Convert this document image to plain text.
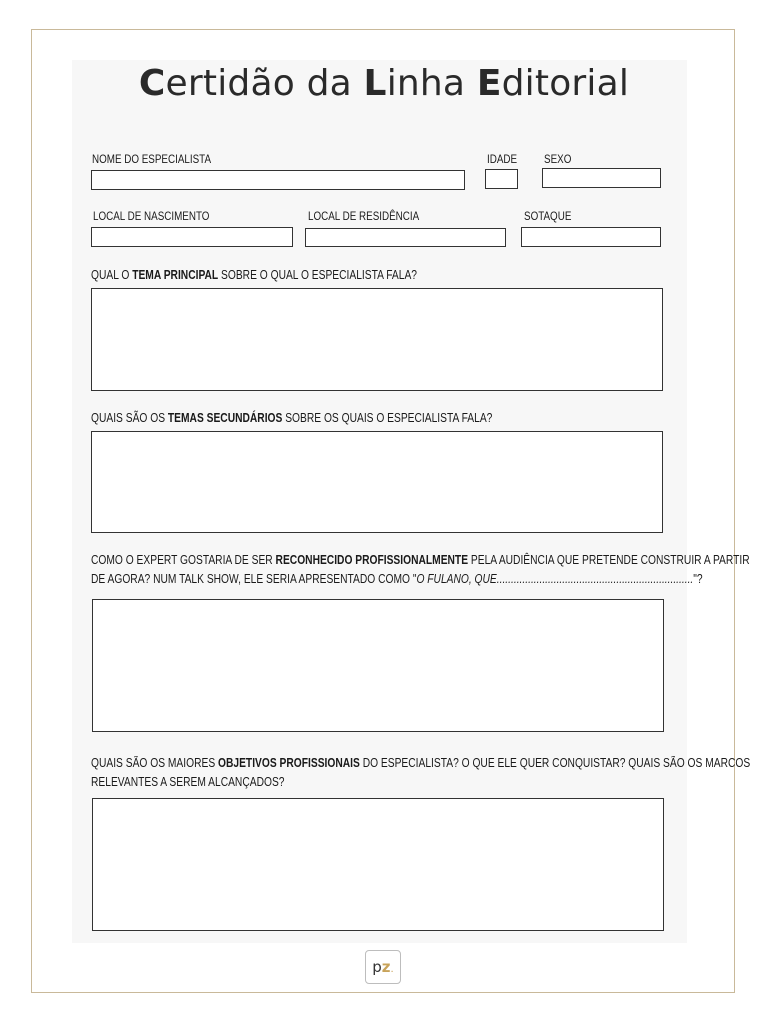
Certidão da Linha Editorial
NOME DO ESPECIALISTA	IDADE SEXO
LOCAL DE NASCIMENTO	LOCAL DE RESIDÊNCIA	SOTAQUE
QUAL O TEMA PRINCIPAL SOBRE O QUAL O ESPECIALISTA FALA?
QUAIS SÃO OS TEMAS SECUNDÁRIOS SOBRE OS QUAIS O ESPECIALISTA FALA?
COMO O EXPERT GOSTARIA DE SER RECONHECIDO PROFISSIONALMENTE PELA AUDIÊNCIA QUE PRETENDE CONSTRUIR A PARTIR
DE AGORA? NUM TALK SHOW, ELE SERIA APRESENTADO COMO "O FULANO, QUE....................................................................."?
QUAIS SÃO OS MAIORES OBJETIVOS PROFISSIONAIS DO ESPECIALISTA? O QUE ELE QUER CONQUISTAR? QUAIS SÃO OS MARCOS
RELEVANTES A SEREM ALCANÇADOS?
p z .
